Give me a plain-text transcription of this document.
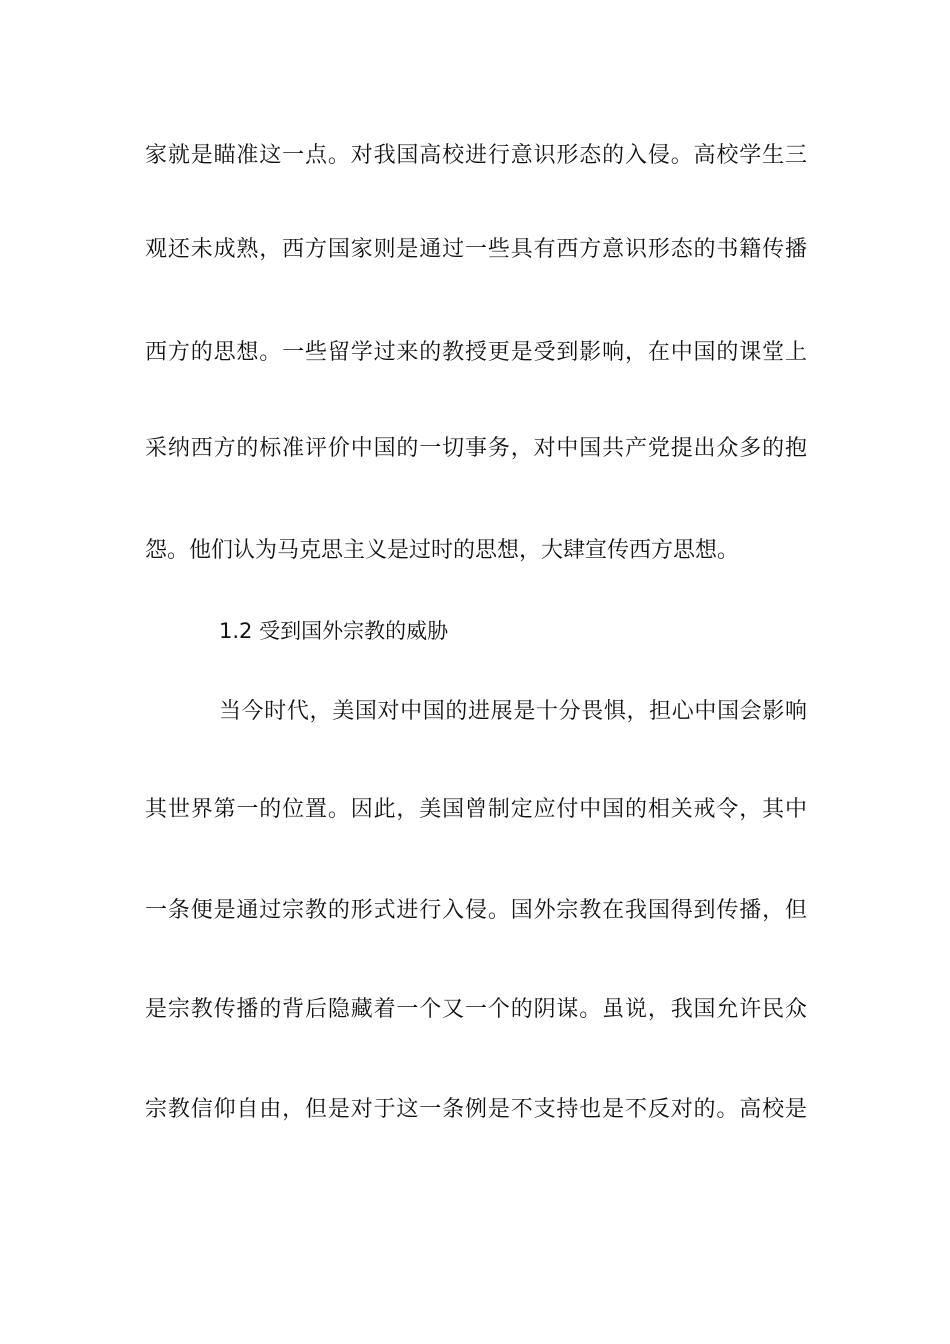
家就是瞄准这一点。对我国高校进行意识形态的入侵。高校学生三
观还未成熟，西方国家则是通过一些具有西方意识形态的书籍传播
西方的思想。一些留学过来的教授更是受到影响，在中国的课堂上
采纳西方的标准评价中国的一切事务，对中国共产党提出众多的抱
怨。他们认为马克思主义是过时的思想，大肆宣传西方思想。
1.2 受到国外宗教的威胁
当今时代，美国对中国的进展是十分畏惧，担心中国会影响
其世界第一的位置。因此，美国曾制定应付中国的相关戒令，其中
一条便是通过宗教的形式进行入侵。国外宗教在我国得到传播，但
是宗教传播的背后隐藏着一个又一个的阴谋。虽说，我国允许民众
宗教信仰自由，但是对于这一条例是不支持也是不反对的。高校是
